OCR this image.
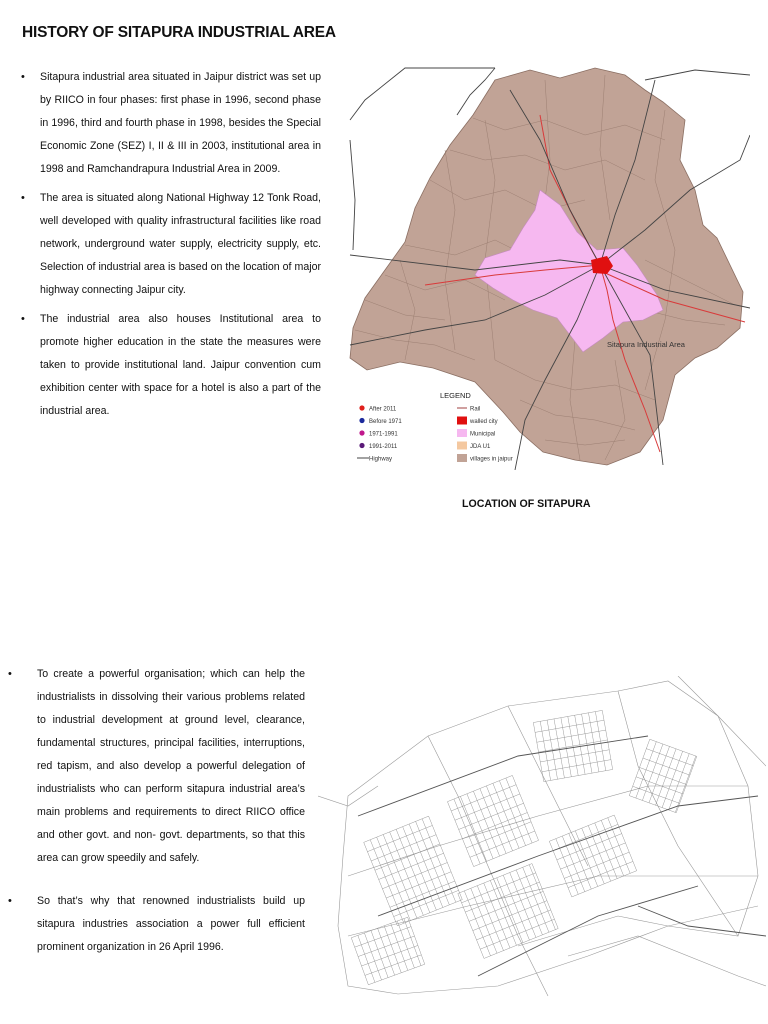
HISTORY OF SITAPURA INDUSTRIAL AREA
• Sitapura industrial area situated in Jaipur district was set up by RIICO in four phases: first phase in 1996, second phase in 1996, third and fourth phase in 1998, besides the Special Economic Zone (SEZ) I, II & III in 2003, institutional area in 1998 and Ramchandrapura Industrial Area in 2009.
• The area is situated along National Highway 12 Tonk Road, well developed with quality infrastructural facilities like road network, underground water supply, electricity supply, etc. Selection of industrial area is based on the location of major highway connecting Jaipur city.
• The industrial area also houses Institutional area to promote higher education in the state the measures were taken to provide institutional land. Jaipur convention cum exhibition center with space for a hotel is also a part of the industrial area.
Sitapura Industrial Area
LEGEND
After 2011
Before 1971
1971-1991
1991-2011
Highway
Rail
walled city
Municipal
JDA U1
villages in jaipur

LOCATION OF SITAPURA

• To create a powerful organisation; which can help the industrialists in dissolving their various problems related to industrial development at ground level, clearance, fundamental structures, principal facilities, interruptions, red tapism, and also develop a powerful delegation of industrialists who can perform sitapura industrial area’s main problems and requirements to direct RIICO office and other govt. and non- govt. departments, so that this area can grow speedily and safely.
• So that’s why that renowned industrialists build up sitapura industries association a power full efficient prominent organization in 26 April 1996.
